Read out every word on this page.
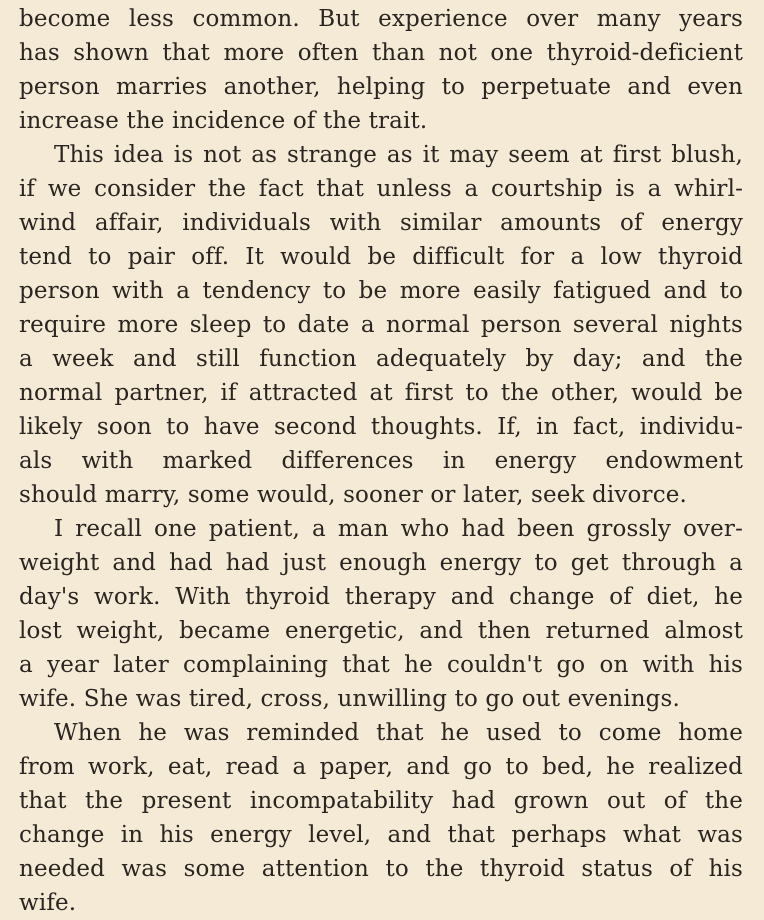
become less common. But experience over many years
has shown that more often than not one thyroid-deficient
person marries another, helping to perpetuate and even
increase the incidence of the trait.
This idea is not as strange as it may seem at first blush,
if we consider the fact that unless a courtship is a whirl-
wind affair, individuals with similar amounts of energy
tend to pair off. It would be difficult for a low thyroid
person with a tendency to be more easily fatigued and to
require more sleep to date a normal person several nights
a week and still function adequately by day; and the
normal partner, if attracted at first to the other, would be
likely soon to have second thoughts. If, in fact, individu-
als with marked differences in energy endowment
should marry, some would, sooner or later, seek divorce.
I recall one patient, a man who had been grossly over-
weight and had had just enough energy to get through a
day's work. With thyroid therapy and change of diet, he
lost weight, became energetic, and then returned almost
a year later complaining that he couldn't go on with his
wife. She was tired, cross, unwilling to go out evenings.
When he was reminded that he used to come home
from work, eat, read a paper, and go to bed, he realized
that the present incompatability had grown out of the
change in his energy level, and that perhaps what was
needed was some attention to the thyroid status of his
wife.
